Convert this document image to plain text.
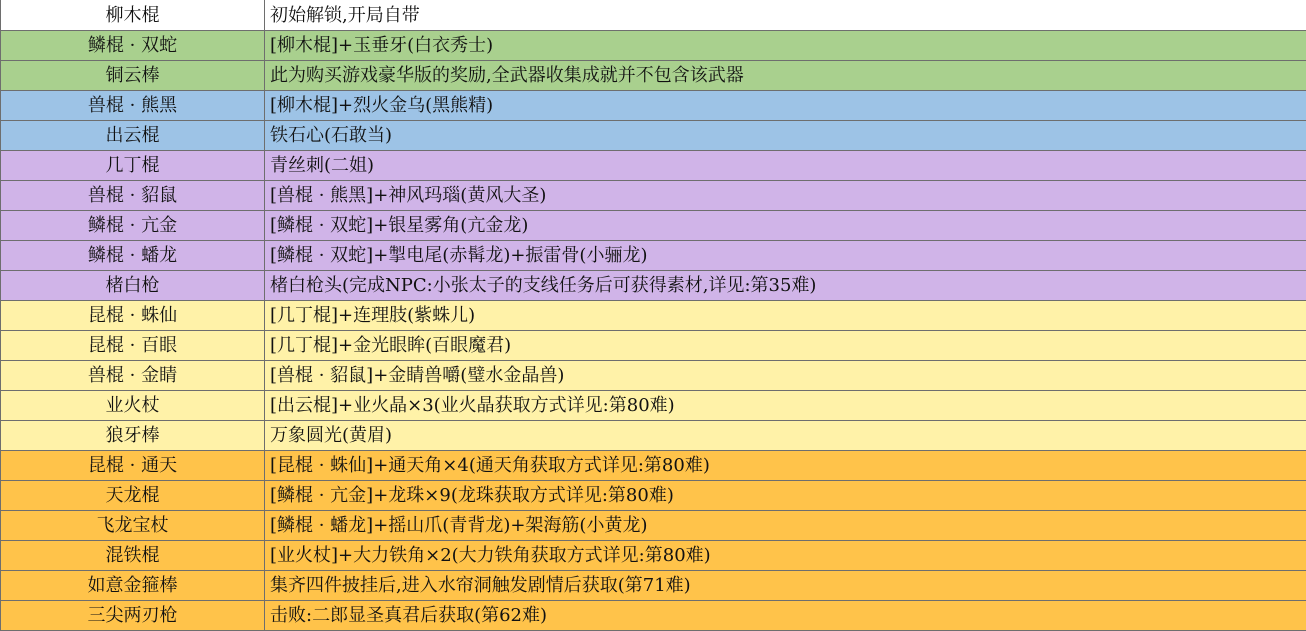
柳木棍	初始解锁,开局自带
鳞棍 · 双蛇	[柳木棍]+玉垂牙(白衣秀士)
铜云棒	此为购买游戏豪华版的奖励,全武器收集成就并不包含该武器
兽棍 · 熊黑	[柳木棍]+烈火金乌(黑熊精)
出云棍	铁石心(石敢当)
几丁棍	青丝刺(二姐)
兽棍 · 貂鼠	[兽棍 · 熊黑]+神风玛瑙(黄风大圣)
鳞棍 · 亢金	[鳞棍 · 双蛇]+银星雾角(亢金龙)
鳞棍 · 蟠龙	[鳞棍 · 双蛇]+掣电尾(赤髯龙)+振雷骨(小骊龙)
楮白枪	楮白枪头(完成NPC:小张太子的支线任务后可获得素材,详见:第35难)
昆棍 · 蛛仙	[几丁棍]+连理肢(紫蛛儿)
昆棍 · 百眼	[几丁棍]+金光眼眸(百眼魔君)
兽棍 · 金睛	[兽棍 · 貂鼠]+金睛兽嚼(璧水金晶兽)
业火杖	[出云棍]+业火晶×3(业火晶获取方式详见:第80难)
狼牙棒	万象圆光(黄眉)
昆棍 · 通天	[昆棍 · 蛛仙]+通天角×4(通天角获取方式详见:第80难)
天龙棍	[鳞棍 · 亢金]+龙珠×9(龙珠获取方式详见:第80难)
飞龙宝杖	[鳞棍 · 蟠龙]+摇山爪(青背龙)+架海筋(小黄龙)
混铁棍	[业火杖]+大力铁角×2(大力铁角获取方式详见:第80难)
如意金箍棒	集齐四件披挂后,进入水帘洞触发剧情后获取(第71难)
三尖两刃枪	击败:二郎显圣真君后获取(第62难)
